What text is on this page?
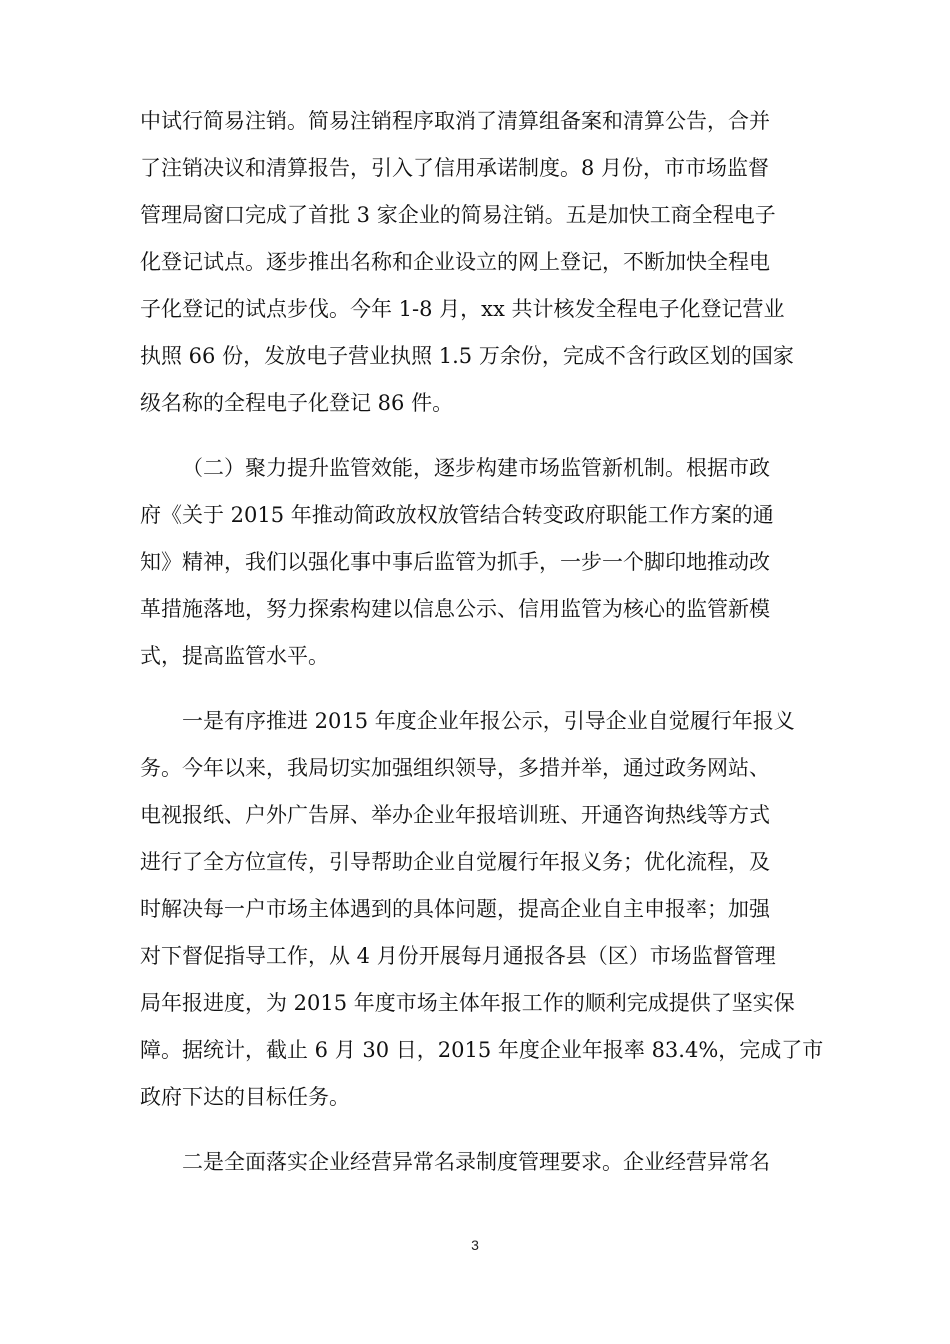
中试行简易注销。简易注销程序取消了清算组备案和清算公告，合并
了注销决议和清算报告，引入了信用承诺制度。8 月份，市市场监督
管理局窗口完成了首批 3 家企业的简易注销。五是加快工商全程电子
化登记试点。逐步推出名称和企业设立的网上登记，不断加快全程电
子化登记的试点步伐。今年 1-8 月，xx 共计核发全程电子化登记营业
执照 66 份，发放电子营业执照 1.5 万余份，完成不含行政区划的国家
级名称的全程电子化登记 86 件。
（二）聚力提升监管效能，逐步构建市场监管新机制。根据市政
府《关于 2015 年推动简政放权放管结合转变政府职能工作方案的通
知》精神，我们以强化事中事后监管为抓手，一步一个脚印地推动改
革措施落地，努力探索构建以信息公示、信用监管为核心的监管新模
式，提高监管水平。
一是有序推进 2015 年度企业年报公示，引导企业自觉履行年报义
务。今年以来，我局切实加强组织领导，多措并举，通过政务网站、
电视报纸、户外广告屏、举办企业年报培训班、开通咨询热线等方式
进行了全方位宣传，引导帮助企业自觉履行年报义务；优化流程，及
时解决每一户市场主体遇到的具体问题，提高企业自主申报率；加强
对下督促指导工作，从 4 月份开展每月通报各县（区）市场监督管理
局年报进度，为 2015 年度市场主体年报工作的顺利完成提供了坚实保
障。据统计，截止 6 月 30 日，2015 年度企业年报率 83.4%，完成了市
政府下达的目标任务。
二是全面落实企业经营异常名录制度管理要求。企业经营异常名
3
